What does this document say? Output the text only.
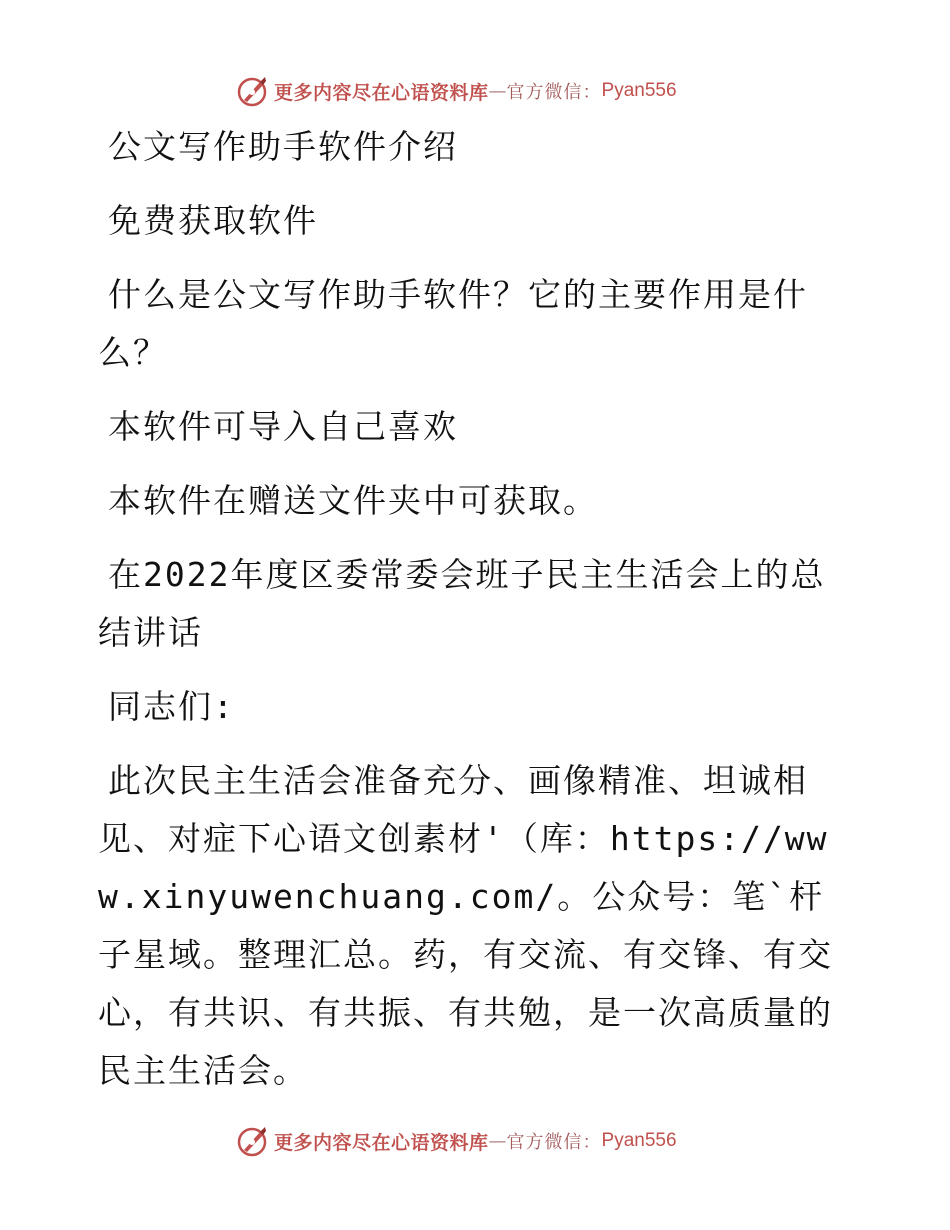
更多内容尽在心语资料库 — 官方微信： Pyan556

公文写作助手软件介绍

免费获取软件

什么是公文写作助手软件？它的主要作用是什么？

本软件可导入自己喜欢

本软件在赠送文件夹中可获取。

在2022年度区委常委会班子民主生活会上的总结讲话

同志们:

此次民主生活会准备充分、画像精准、坦诚相见、对症下心语文创素材'（库：https://www.xinyuwenchuang.com/。公众号：笔`杆子星域。整理汇总。药，有交流、有交锋、有交心，有共识、有共振、有共勉，是一次高质量的民主生活会。

更多内容尽在心语资料库 — 官方微信： Pyan556
